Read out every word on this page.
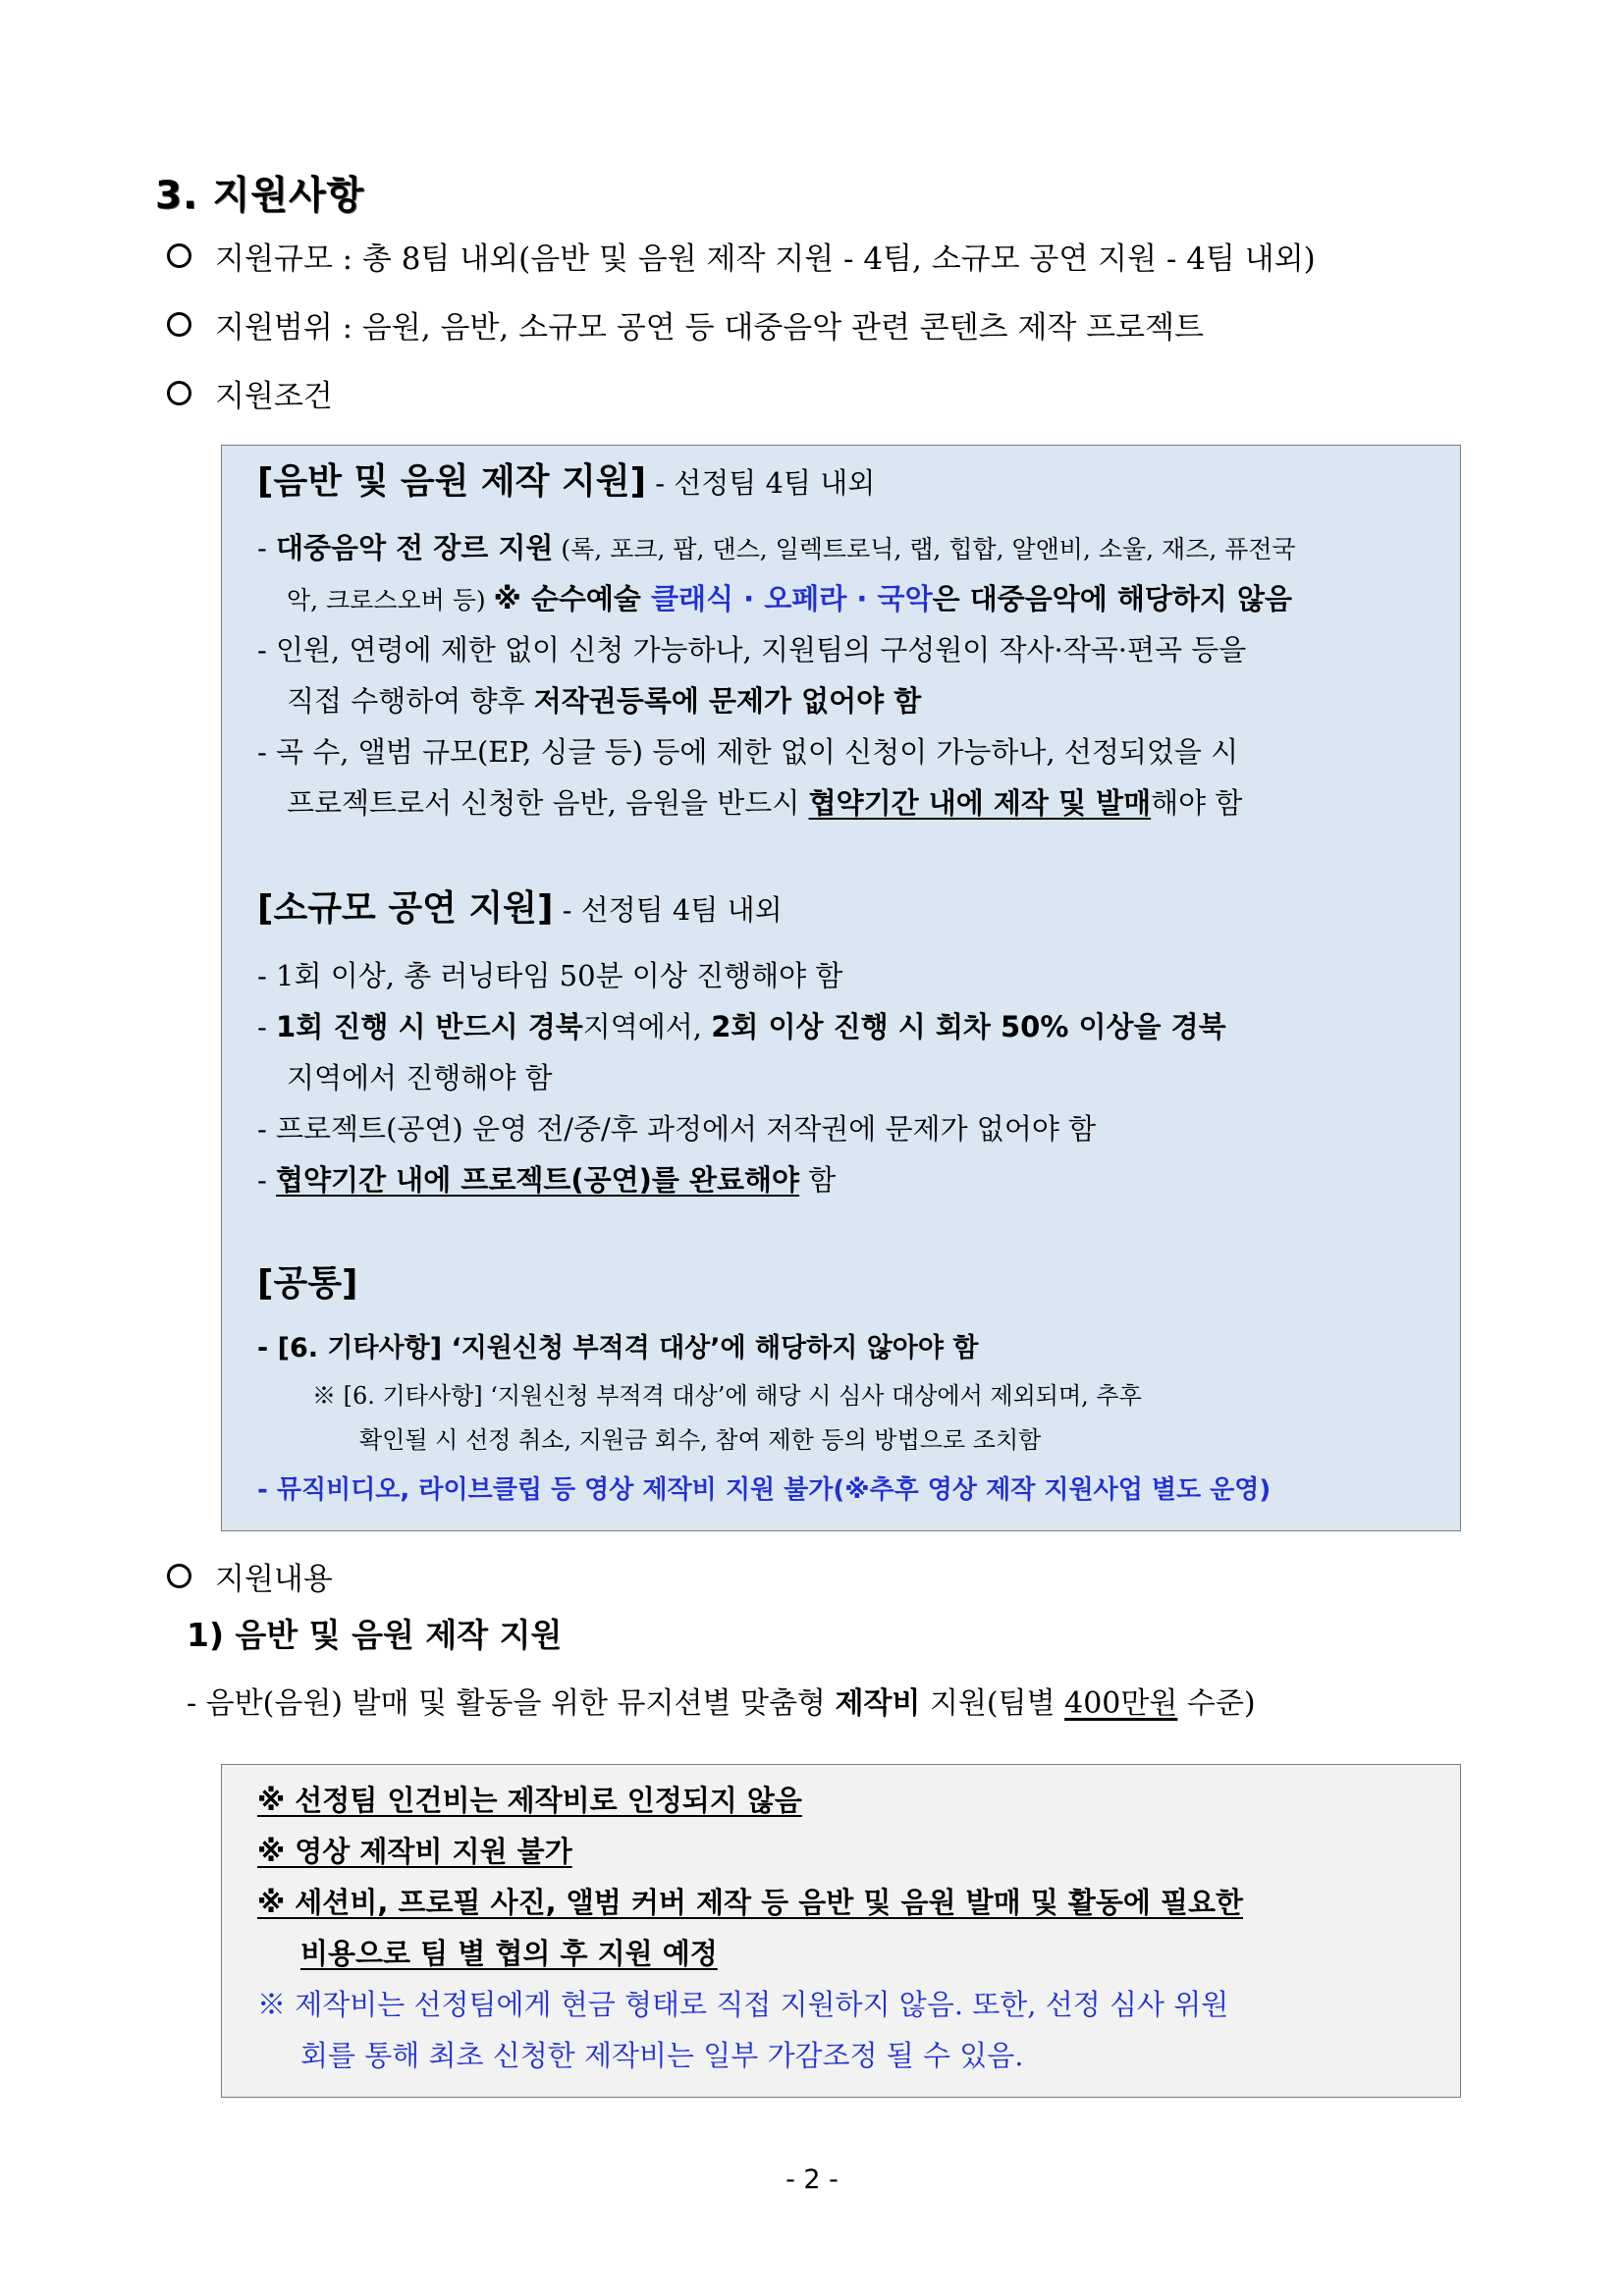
3. 지원사항
지원규모 : 총 8팀 내외(음반 및 음원 제작 지원 - 4팀, 소규모 공연 지원 - 4팀 내외)
지원범위 : 음원, 음반, 소규모 공연 등 대중음악 관련 콘텐츠 제작 프로젝트
지원조건
[음반 및 음원 제작 지원] - 선정팀 4팀 내외
- 대중음악 전 장르 지원 (록, 포크, 팝, 댄스, 일렉트로닉, 랩, 힙합, 알앤비, 소울, 재즈, 퓨전국
악, 크로스오버 등) ※ 순수예술 클래식 · 오페라 · 국악은 대중음악에 해당하지 않음
- 인원, 연령에 제한 없이 신청 가능하나, 지원팀의 구성원이 작사·작곡·편곡 등을
직접 수행하여 향후 저작권등록에 문제가 없어야 함
- 곡 수, 앨범 규모(EP, 싱글 등) 등에 제한 없이 신청이 가능하나, 선정되었을 시
프로젝트로서 신청한 음반, 음원을 반드시 협약기간 내에 제작 및 발매해야 함
[소규모 공연 지원] - 선정팀 4팀 내외
- 1회 이상, 총 러닝타임 50분 이상 진행해야 함
- 1회 진행 시 반드시 경북지역에서, 2회 이상 진행 시 회차 50% 이상을 경북
지역에서 진행해야 함
- 프로젝트(공연) 운영 전/중/후 과정에서 저작권에 문제가 없어야 함
- 협약기간 내에 프로젝트(공연)를 완료해야 함
[공통]
- [6. 기타사항] ‘지원신청 부적격 대상’에 해당하지 않아야 함
※ [6. 기타사항] ‘지원신청 부적격 대상’에 해당 시 심사 대상에서 제외되며, 추후
확인될 시 선정 취소, 지원금 회수, 참여 제한 등의 방법으로 조치함
- 뮤직비디오, 라이브클립 등 영상 제작비 지원 불가(※추후 영상 제작 지원사업 별도 운영)
지원내용
1) 음반 및 음원 제작 지원
- 음반(음원) 발매 및 활동을 위한 뮤지션별 맞춤형 제작비 지원(팀별 400만원 수준)
※ 선정팀 인건비는 제작비로 인정되지 않음
※ 영상 제작비 지원 불가
※ 세션비, 프로필 사진, 앨범 커버 제작 등 음반 및 음원 발매 및 활동에 필요한
비용으로 팀 별 협의 후 지원 예정
※ 제작비는 선정팀에게 현금 형태로 직접 지원하지 않음. 또한, 선정 심사 위원
회를 통해 최초 신청한 제작비는 일부 가감조정 될 수 있음.
- 2 -
